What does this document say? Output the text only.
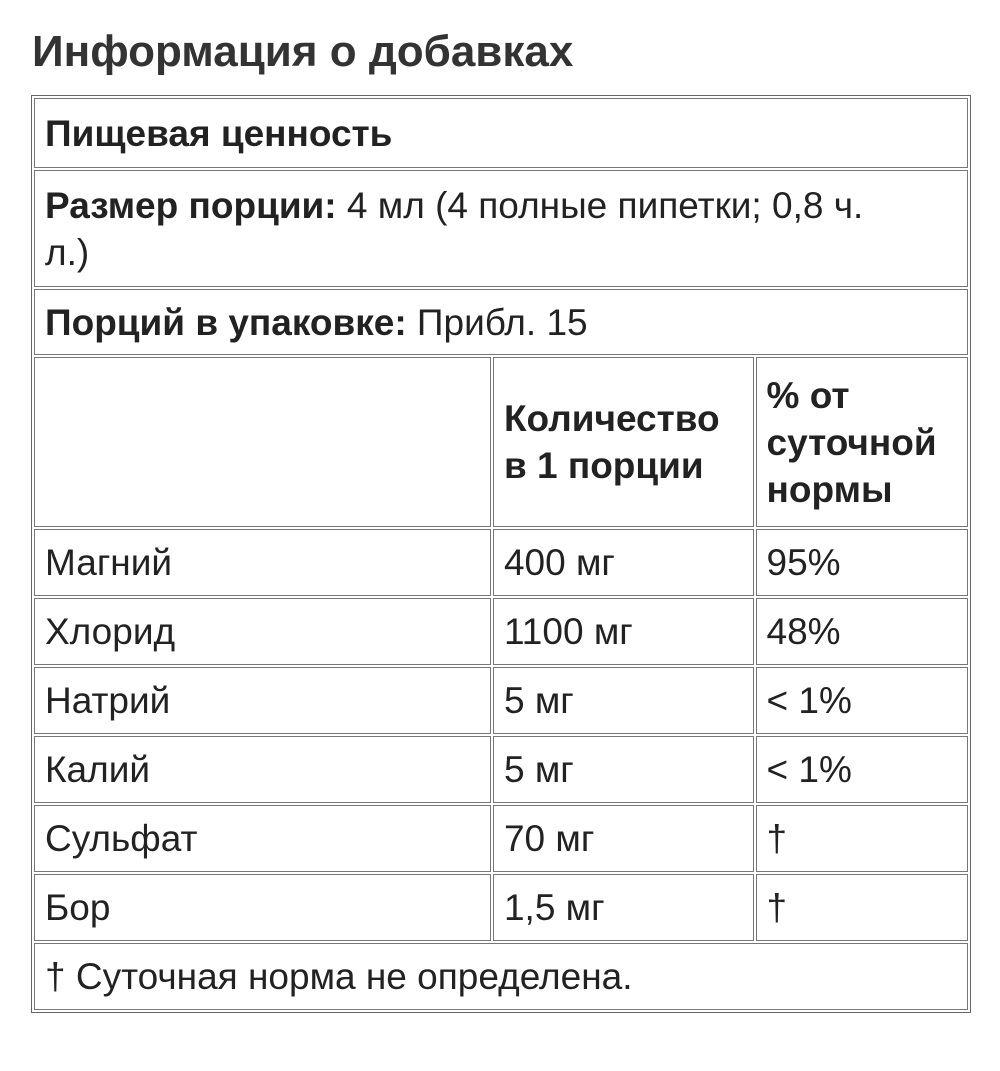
Информация о добавках
Пищевая ценность		
Размер порции: 4 мл (4 полные пипетки; 0,8 ч. л.)		
Порций в упаковке: Прибл. 15		
	Количество в 1 порции	% от суточной нормы
Магний	400 мг	95%
Хлорид	1100 мг	48%
Натрий	5 мг	< 1%
Калий	5 мг	< 1%
Сульфат	70 мг	†
Бор	1,5 мг	†
† Суточная норма не определена.		
